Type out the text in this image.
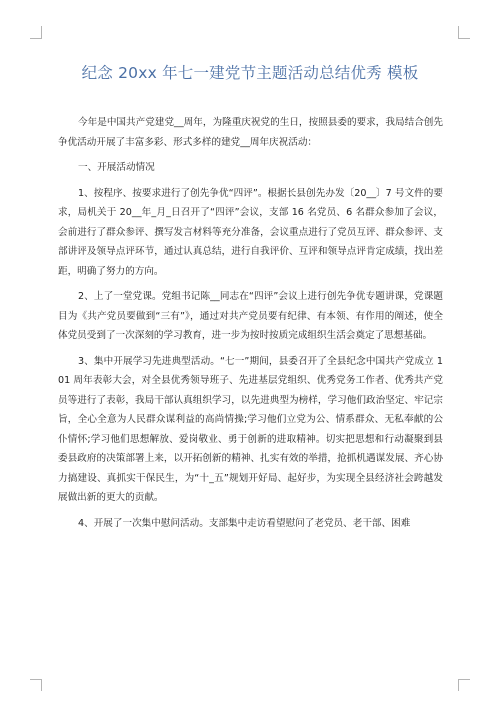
纪念 20xx 年七一建党节主题活动总结优秀 模板

今年是中国共产党建党__周年，为隆重庆祝党的生日，按照县委的要求，我局结合创先争优活动开展了丰富多彩、形式多样的建党__周年庆祝活动：

一、开展活动情况

1、按程序、按要求进行了创先争优“四评”。根据长县创先办发〔20__〕7 号文件的要求，局机关于 20__年_月_日召开了“四评”会议，支部 16 名党员、6 名群众参加了会议，会前进行了群众参评、撰写发言材料等充分准备，会议重点进行了党员互评、群众参评、支部讲评及领导点评环节，通过认真总结，进行自我评价、互评和领导点评肯定成绩，找出差距，明确了努力的方向。

2、上了一堂党课。党组书记陈__同志在“四评”会议上进行创先争优专题讲课，党课题目为《共产党员要做到“三有”》，通过对共产党员要有纪律、有本领、有作用的阐述，使全体党员受到了一次深刻的学习教育，进一步为按时按质完成组织生活会奠定了思想基础。

3、集中开展学习先进典型活动。“七一”期间，县委召开了全县纪念中国共产党成立 101 周年表彰大会，对全县优秀领导班子、先进基层党组织、优秀党务工作者、优秀共产党员等进行了表彰，我局干部认真组织学习，以先进典型为榜样，学习他们政治坚定、牢记宗旨，全心全意为人民群众谋利益的高尚情操;学习他们立党为公、情系群众、无私奉献的公仆情怀;学习他们思想解放、爱岗敬业、勇于创新的进取精神。切实把思想和行动凝聚到县委县政府的决策部署上来，以开拓创新的精神、扎实有效的举措，抢抓机遇谋发展、齐心协力搞建设、真抓实干保民生，为“十_五”规划开好局、起好步，为实现全县经济社会跨越发展做出新的更大的贡献。

4、开展了一次集中慰问活动。支部集中走访看望慰问了老党员、老干部、困难
